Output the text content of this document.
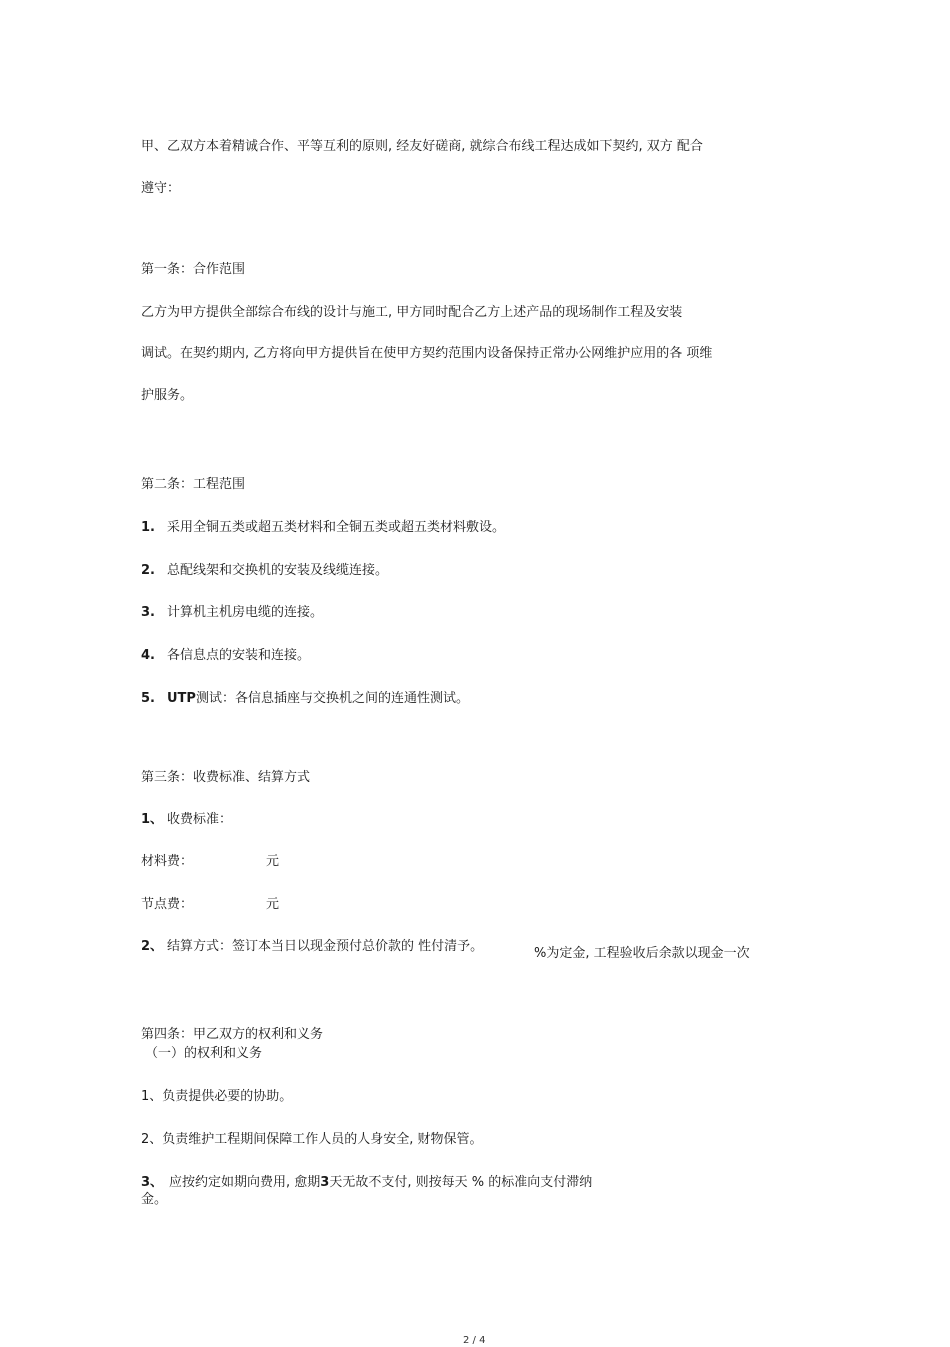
甲、乙双方本着精诚合作、平等互利的原则, 经友好磋商, 就综合布线工程达成如下契约, 双方 配合
遵守：
第一条：合作范围
乙方为甲方提供全部综合布线的设计与施工, 甲方同时配合乙方上述产品的现场制作工程及安装
调试。在契约期内, 乙方将向甲方提供旨在使甲方契约范围内设备保持正常办公网维护应用的各 项维
护服务。
第二条：工程范围
1. 采用全铜五类或超五类材料和全铜五类或超五类材料敷设。
2. 总配线架和交换机的安装及线缆连接。
3. 计算机主机房电缆的连接。
4. 各信息点的安装和连接。
5. UTP测试：各信息插座与交换机之间的连通性测试。
第三条：收费标准、结算方式
1、 收费标准：
材料费：	元
节点费：	元
2、 结算方式：签订本当日以现金预付总价款的 性付清予。	%为定金, 工程验收后余款以现金一次
第四条：甲乙双方的权利和义务
（一）的权利和义务
1、负责提供必要的协助。
2、负责维护工程期间保障工作人员的人身安全, 财物保管。
3、 应按约定如期向费用, 愈期3天无故不支付, 则按每天 % 的标准向支付滞纳
金。
2 / 4
